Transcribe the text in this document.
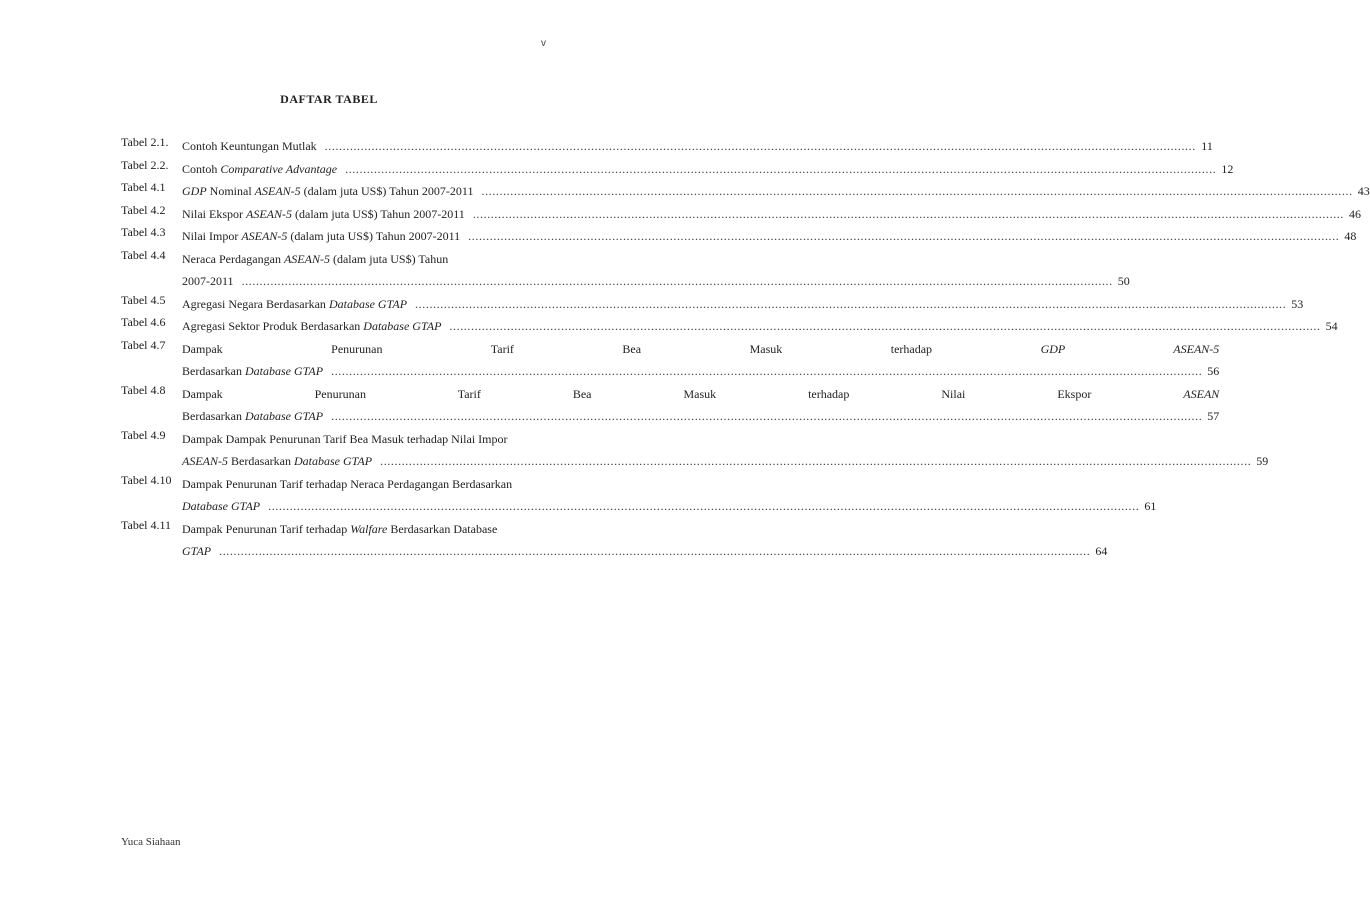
v
DAFTAR TABEL
Tabel 2.1.	Contoh Keuntungan Mutlak .....	11
Tabel 2.2.	Contoh Comparative Advantage .....	12
Tabel 4.1	GDP Nominal ASEAN-5 (dalam juta US$) Tahun 2007-2011 .....	43
Tabel 4.2	Nilai Ekspor ASEAN-5 (dalam juta US$) Tahun 2007-2011 .....	46
Tabel 4.3	Nilai Impor ASEAN-5 (dalam juta US$) Tahun 2007-2011 .....	48
Tabel 4.4	Neraca Perdagangan ASEAN-5 (dalam juta US$) Tahun
2007-2011 .....	50
Tabel 4.5	Agregasi Negara Berdasarkan Database GTAP .....	53
Tabel 4.6	Agregasi Sektor Produk Berdasarkan Database GTAP .....	54
Tabel 4.7	Dampak Penurunan Tarif Bea Masuk terhadap GDP ASEAN-5
Berdasarkan Database GTAP .....	56
Tabel 4.8	Dampak Penurunan Tarif Bea Masuk terhadap Nilai Ekspor ASEAN
Berdasarkan Database GTAP .....	57
Tabel 4.9	Dampak Dampak Penurunan Tarif Bea Masuk terhadap Nilai Impor
ASEAN-5 Berdasarkan Database GTAP .....	59
Tabel 4.10 Dampak Penurunan Tarif terhadap Neraca Perdagangan Berdasarkan
Database GTAP .....	61
Tabel 4.11 Dampak Penurunan Tarif terhadap Walfare Berdasarkan Database
GTAP .....	64
Yuca Siahaan
